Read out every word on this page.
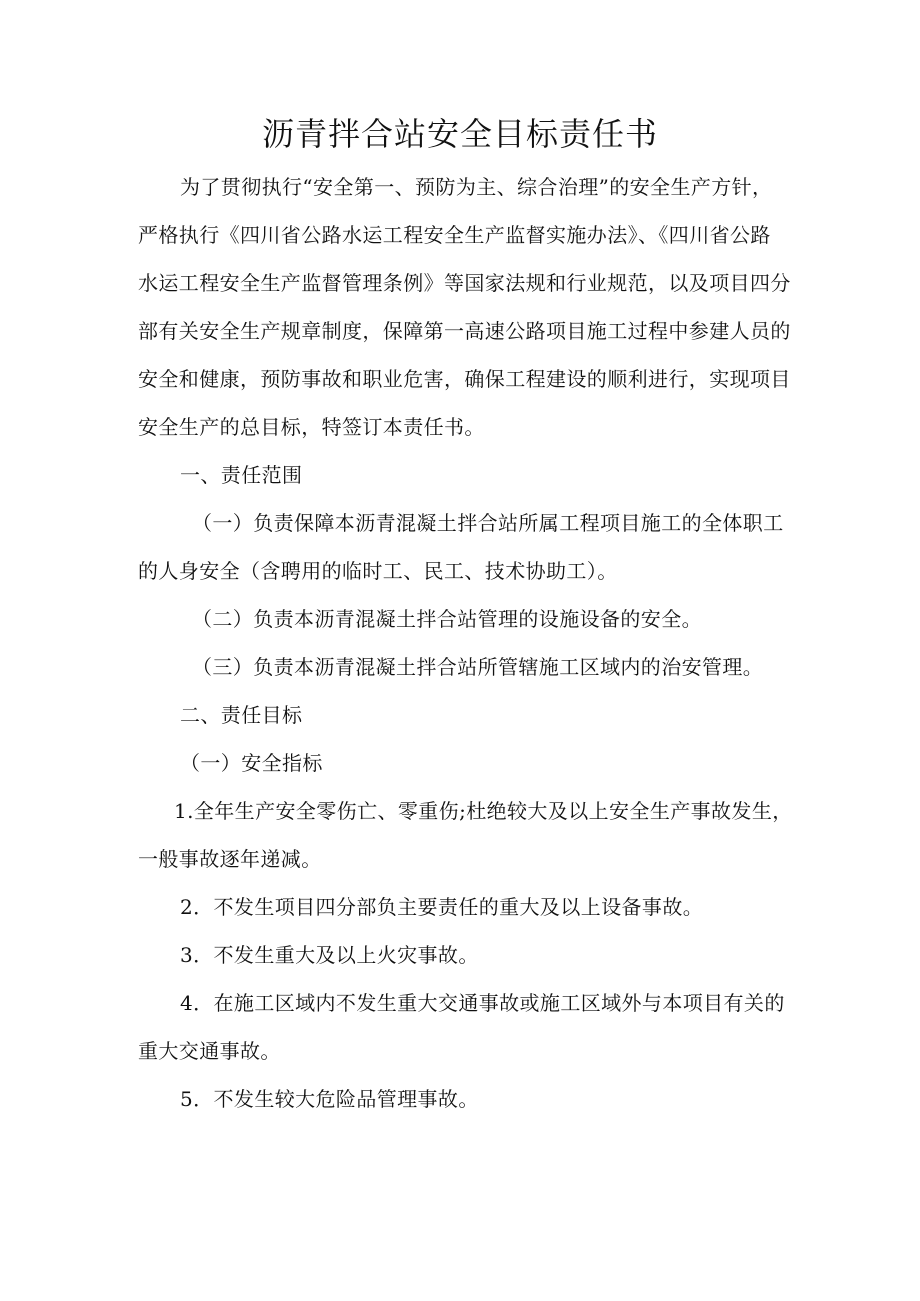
沥青拌合站安全目标责任书
为了贯彻执行“安全第一、预防为主、综合治理”的安全生产方针，
严格执行《四川省公路水运工程安全生产监督实施办法》、《四川省公路
水运工程安全生产监督管理条例》等国家法规和行业规范，以及项目四分
部有关安全生产规章制度，保障第一高速公路项目施工过程中参建人员的
安全和健康，预防事故和职业危害，确保工程建设的顺利进行，实现项目
安全生产的总目标，特签订本责任书。
一、责任范围
（一）负责保障本沥青混凝土拌合站所属工程项目施工的全体职工
的人身安全（含聘用的临时工、民工、技术协助工）。
（二）负责本沥青混凝土拌合站管理的设施设备的安全。
（三）负责本沥青混凝土拌合站所管辖施工区域内的治安管理。
二、责任目标
（一）安全指标
1.全年生产安全零伤亡、零重伤;杜绝较大及以上安全生产事故发生，
一般事故逐年递减。
2．不发生项目四分部负主要责任的重大及以上设备事故。
3．不发生重大及以上火灾事故。
4．在施工区域内不发生重大交通事故或施工区域外与本项目有关的
重大交通事故。
5．不发生较大危险品管理事故。
